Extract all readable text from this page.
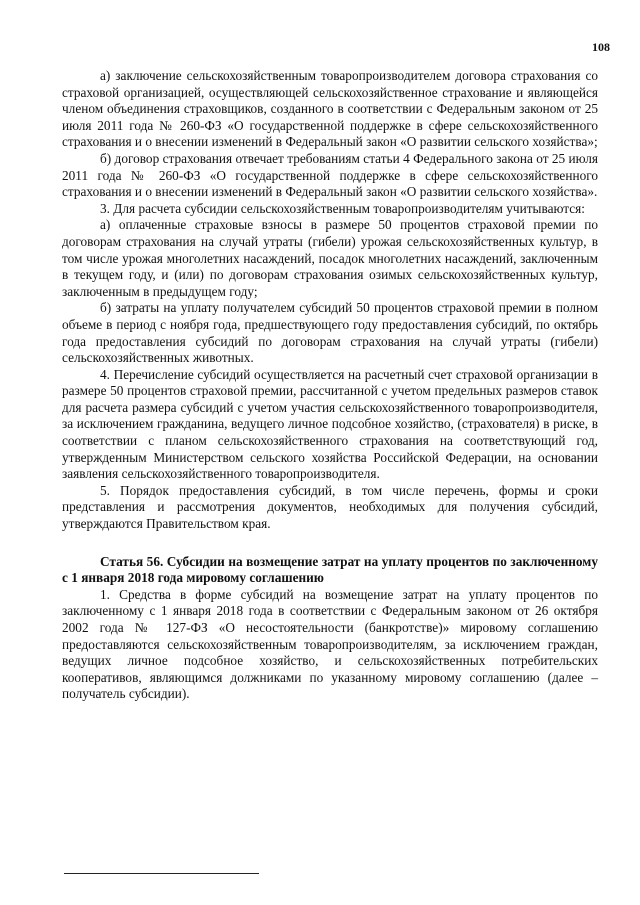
108

а) заключение сельскохозяйственным товаропроизводителем договора страхования со страховой организацией, осуществляющей сельскохозяйственное страхование и являющейся членом объединения страховщиков, созданного в соответствии с Федеральным законом от 25 июля 2011 года № 260-ФЗ «О государственной поддержке в сфере сельскохозяйственного страхования и о внесении изменений в Федеральный закон «О развитии сельского хозяйства»;

б) договор страхования отвечает требованиям статьи 4 Федерального закона от 25 июля 2011 года № 260-ФЗ «О государственной поддержке в сфере сельскохозяйственного страхования и о внесении изменений в Федеральный закон «О развитии сельского хозяйства».

3. Для расчета субсидии сельскохозяйственным товаропроизводителям учитываются:

а) оплаченные страховые взносы в размере 50 процентов страховой премии по договорам страхования на случай утраты (гибели) урожая сельскохозяйственных культур, в том числе урожая многолетних насаждений, посадок многолетних насаждений, заключенным в текущем году, и (или) по договорам страхования озимых сельскохозяйственных культур, заключенным в предыдущем году;

б) затраты на уплату получателем субсидий 50 процентов страховой премии в полном объеме в период с ноября года, предшествующего году предоставления субсидий, по октябрь года предоставления субсидий по договорам страхования на случай утраты (гибели) сельскохозяйственных животных.

4. Перечисление субсидий осуществляется на расчетный счет страховой организации в размере 50 процентов страховой премии, рассчитанной с учетом предельных размеров ставок для расчета размера субсидий с учетом участия сельскохозяйственного товаропроизводителя, за исключением гражданина, ведущего личное подсобное хозяйство, (страхователя) в риске, в соответствии с планом сельскохозяйственного страхования на соответствующий год, утвержденным Министерством сельского хозяйства Российской Федерации, на основании заявления сельскохозяйственного товаропроизводителя.

5. Порядок предоставления субсидий, в том числе перечень, формы и сроки представления и рассмотрения документов, необходимых для получения субсидий, утверждаются Правительством края.

Статья 56. Субсидии на возмещение затрат на уплату процентов по заключенному с 1 января 2018 года мировому соглашению

1. Средства в форме субсидий на возмещение затрат на уплату процентов по заключенному с 1 января 2018 года в соответствии с Федеральным законом от 26 октября 2002 года № 127-ФЗ «О несостоятельности (банкротстве)» мировому соглашению предоставляются сельскохозяйственным товаропроизводителям, за исключением граждан, ведущих личное подсобное хозяйство, и сельскохозяйственных потребительских кооперативов, являющимся должниками по указанному мировому соглашению (далее – получатель субсидии).
